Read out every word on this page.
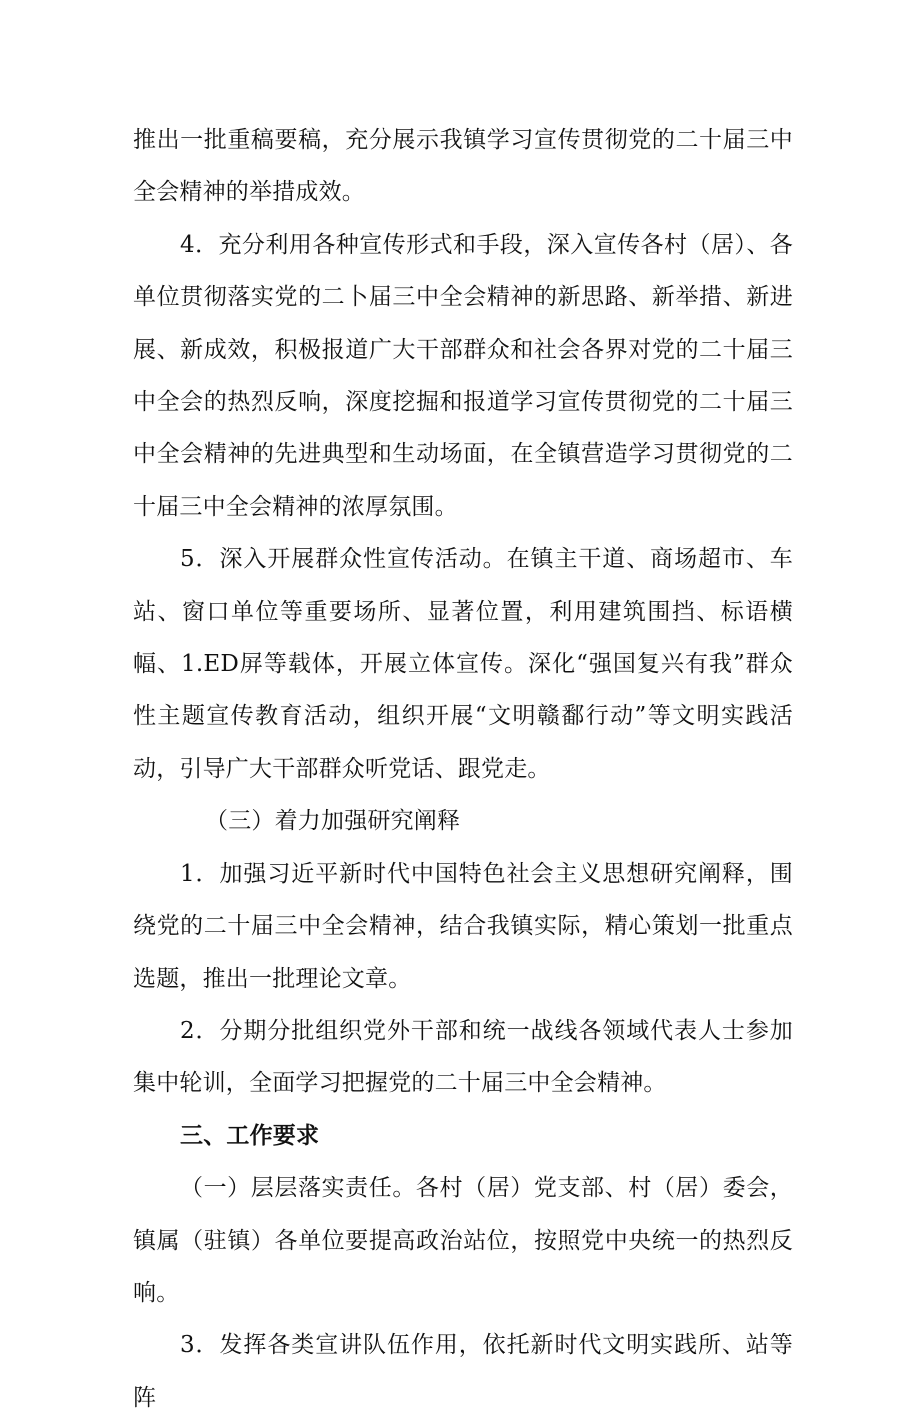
推出一批重稿要稿，充分展示我镇学习宣传贯彻党的二十届三中全会精神的举措成效。

4．充分利用各种宣传形式和手段，深入宣传各村（居）、各单位贯彻落实党的二卜届三中全会精神的新思路、新举措、新进展、新成效，积极报道广大干部群众和社会各界对党的二十届三中全会的热烈反响，深度挖掘和报道学习宣传贯彻党的二十届三中全会精神的先进典型和生动场面，在全镇营造学习贯彻党的二十届三中全会精神的浓厚氛围。

5．深入开展群众性宣传活动。在镇主干道、商场超市、车站、窗口单位等重要场所、显著位置，利用建筑围挡、标语横幅、1.ED屏等载体，开展立体宣传。深化“强国复兴有我”群众性主题宣传教育活动，组织开展“文明赣鄱行动”等文明实践活动，引导广大干部群众听党话、跟党走。

（三）着力加强研究阐释

1．加强习近平新时代中国特色社会主义思想研究阐释，围绕党的二十届三中全会精神，结合我镇实际，精心策划一批重点选题，推出一批理论文章。

2．分期分批组织党外干部和统一战线各领域代表人士参加集中轮训，全面学习把握党的二十届三中全会精神。

三、工作要求

（一）层层落实责任。各村（居）党支部、村（居）委会，镇属（驻镇）各单位要提高政治站位，按照党中央统一的热烈反响。

3．发挥各类宣讲队伍作用，依托新时代文明实践所、站等阵
